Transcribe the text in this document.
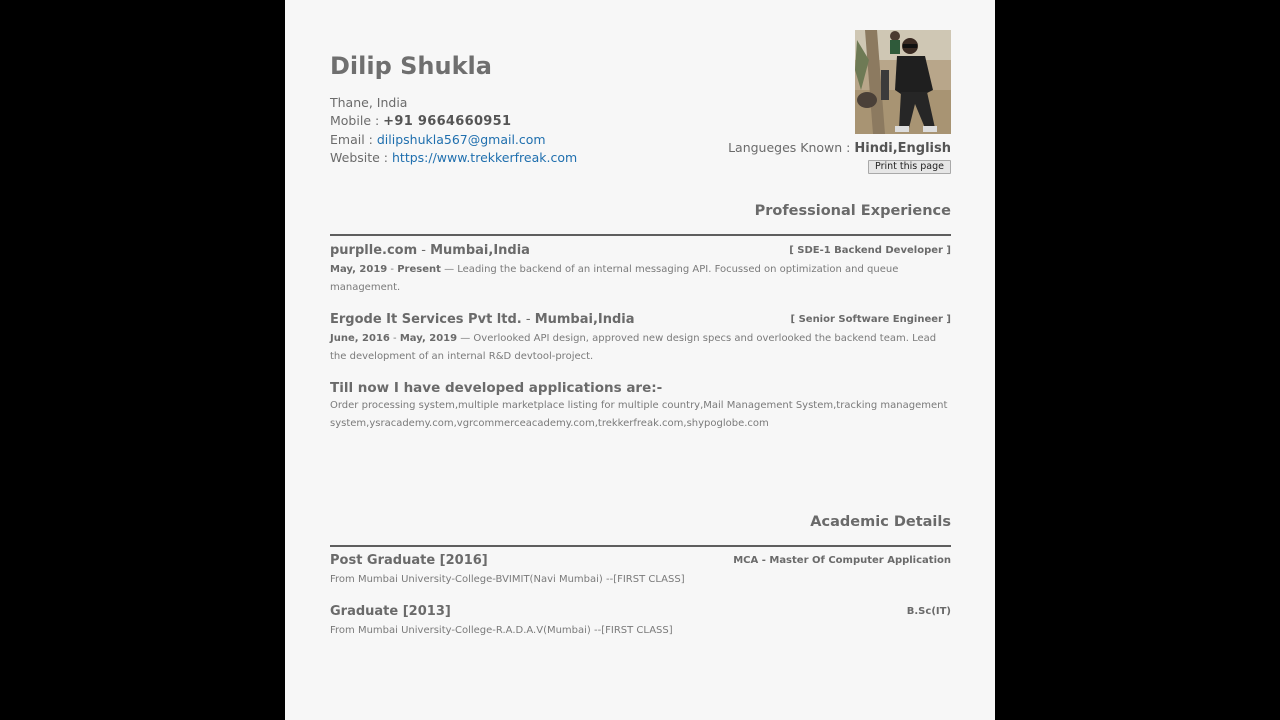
Dilip Shukla
Thane, India
Mobile : +91 9664660951
Email : dilipshukla567@gmail.com
Website : https://www.trekkerfreak.com
Langueges Known : Hindi,English
Print this page
Professional Experience
purplle.com - Mumbai,India	[ SDE-1 Backend Developer ]
May, 2019 - Present — Leading the backend of an internal messaging API. Focussed on optimization and queue management.
Ergode It Services Pvt ltd. - Mumbai,India	[ Senior Software Engineer ]
June, 2016 - May, 2019 — Overlooked API design, approved new design specs and overlooked the backend team. Lead the development of an internal R&D devtool-project.
Till now I have developed applications are:-
Order processing system,multiple marketplace listing for multiple country,Mail Management System,tracking management system,ysracademy.com,vgrcommerceacademy.com,trekkerfreak.com,shypoglobe.com
Academic Details
Post Graduate [2016]	MCA - Master Of Computer Application
From Mumbai University-College-BVIMIT(Navi Mumbai) --[FIRST CLASS]
Graduate [2013]	B.Sc(IT)
From Mumbai University-College-R.A.D.A.V(Mumbai) --[FIRST CLASS]
